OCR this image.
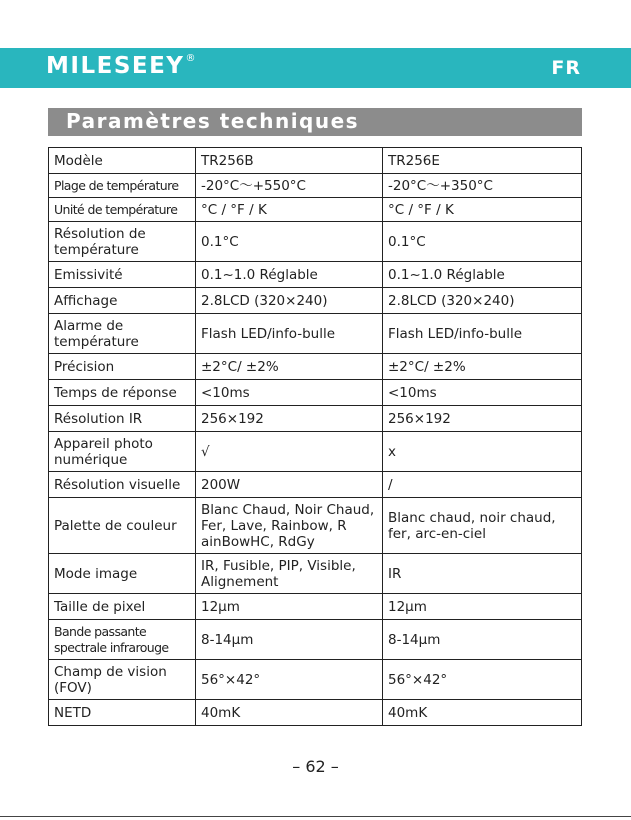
MILESEEY®	FR
Paramètres techniques
Modèle	TR256B	TR256E
Plage de température	-20°C～+550°C	-20°C～+350°C
Unité de température	°C / °F / K	°C / °F / K
Résolution de température	0.1°C	0.1°C
Emissivité	0.1~1.0 Réglable	0.1~1.0 Réglable
Affichage	2.8LCD (320×240)	2.8LCD (320×240)
Alarme de température	Flash LED/info-bulle	Flash LED/info-bulle
Précision	±2°C/ ±2%	±2°C/ ±2%
Temps de réponse	<10ms	<10ms
Résolution IR	256×192	256×192
Appareil photo numérique	√	x
Résolution visuelle	200W	/
Palette de couleur	Blanc Chaud, Noir Chaud, Fer, Lave, Rainbow, R ainBowHC, RdGy	Blanc chaud, noir chaud, fer, arc-en-ciel
Mode image	IR, Fusible, PIP, Visible, Alignement	IR
Taille de pixel	12μm	12μm
Bande passante spectrale infrarouge	8-14μm	8-14μm
Champ de vision (FOV)	56°×42°	56°×42°
NETD	40mK	40mK
– 62 –
